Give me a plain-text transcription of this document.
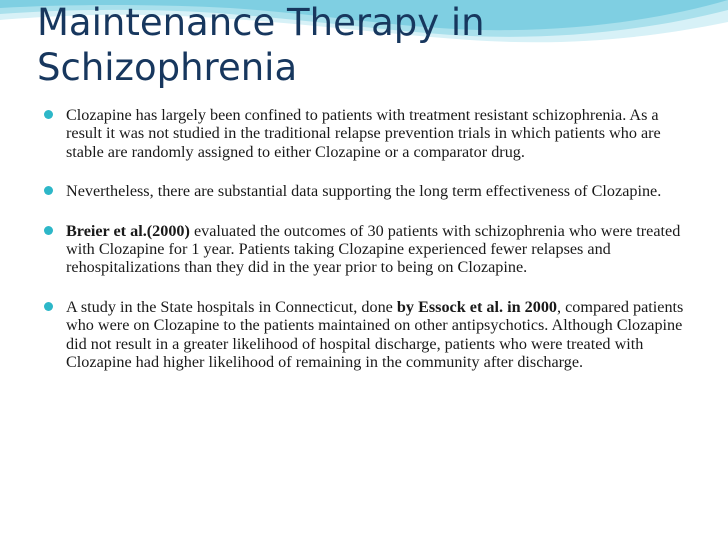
Maintenance Therapy in
Schizophrenia
Clozapine has largely been confined to patients with treatment resistant schizophrenia. As a result it was not studied in the traditional relapse prevention trials in which patients who are stable are randomly assigned to either Clozapine or a comparator drug.
Nevertheless, there are substantial data supporting the long term effectiveness of Clozapine.
Breier et al.(2000) evaluated the outcomes of 30 patients with schizophrenia who were treated with Clozapine for 1 year. Patients taking Clozapine experienced fewer relapses and rehospitalizations than they did in the year prior to being on Clozapine.
A study in the State hospitals in Connecticut, done by Essock et al. in 2000, compared patients who were on Clozapine to the patients maintained on other antipsychotics. Although Clozapine did not result in a greater likelihood of hospital discharge, patients who were treated with Clozapine had higher likelihood of remaining in the community after discharge.
